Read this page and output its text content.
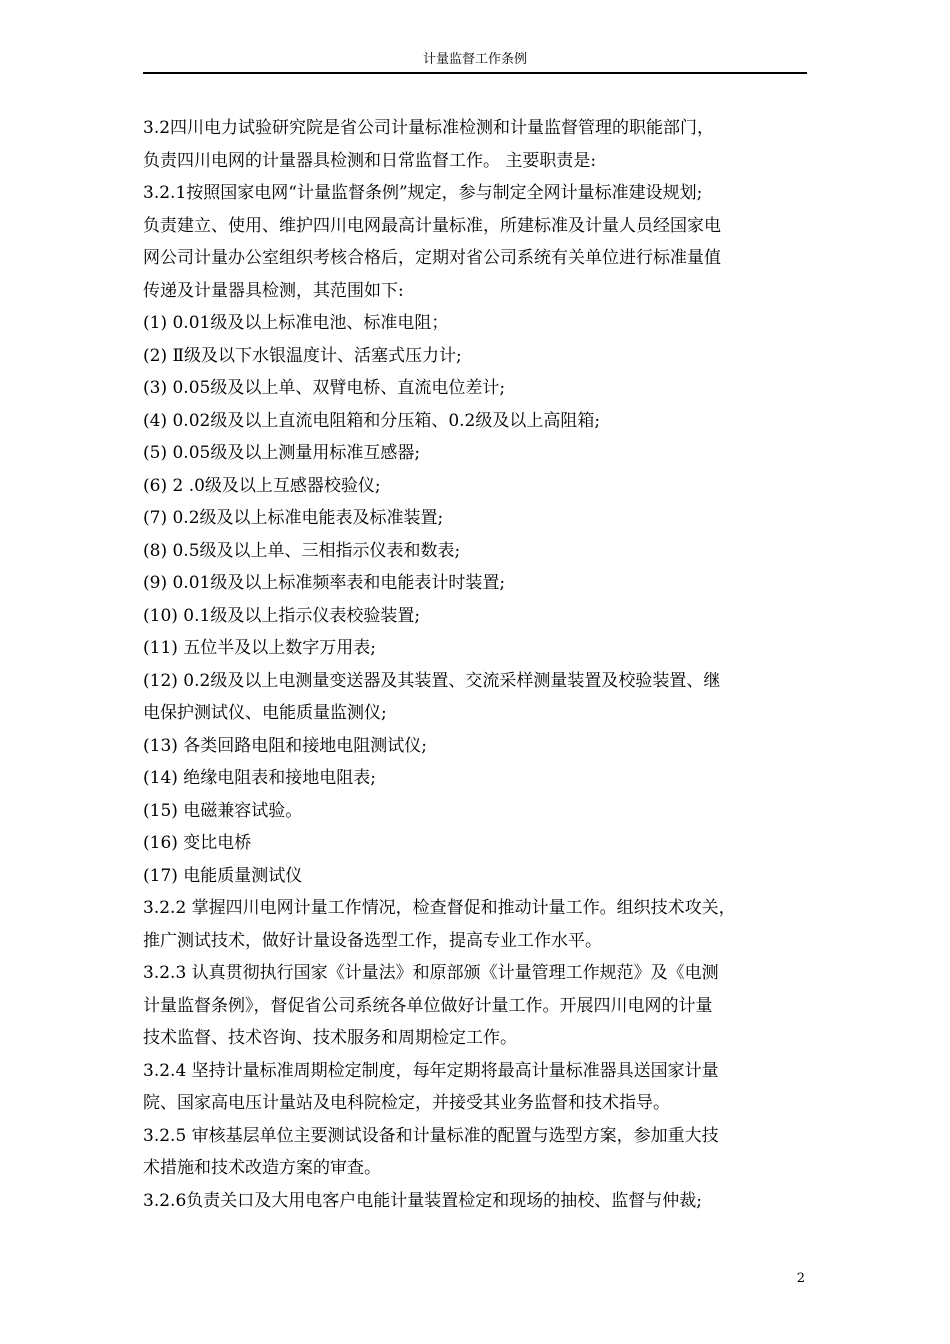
计量监督工作条例
3.2四川电力试验研究院是省公司计量标准检测和计量监督管理的职能部门，
负责四川电网的计量器具检测和日常监督工作。 主要职责是:
3.2.1按照国家电网“计量监督条例”规定，参与制定全网计量标准建设规划;
负责建立、使用、维护四川电网最高计量标准，所建标准及计量人员经国家电
网公司计量办公室组织考核合格后，定期对省公司系统有关单位进行标准量值
传递及计量器具检测，其范围如下:
(1) 0.01级及以上标准电池、标准电阻；
(2) Ⅱ级及以下水银温度计、活塞式压力计;
(3) 0.05级及以上单、双臂电桥、直流电位差计;
(4) 0.02级及以上直流电阻箱和分压箱、0.2级及以上高阻箱;
(5) 0.05级及以上测量用标准互感器;
(6) 2 .0级及以上互感器校验仪;
(7) 0.2级及以上标准电能表及标准装置;
(8) 0.5级及以上单、三相指示仪表和数表;
(9) 0.01级及以上标准频率表和电能表计时装置;
(10) 0.1级及以上指示仪表校验装置;
(11) 五位半及以上数字万用表;
(12) 0.2级及以上电测量变送器及其装置、交流采样测量装置及校验装置、继
电保护测试仪、电能质量监测仪;
(13) 各类回路电阻和接地电阻测试仪;
(14) 绝缘电阻表和接地电阻表;
(15) 电磁兼容试验。
(16) 变比电桥
(17) 电能质量测试仪
3.2.2 掌握四川电网计量工作情况，检查督促和推动计量工作。组织技术攻关，
推广测试技术，做好计量设备选型工作，提高专业工作水平。
3.2.3 认真贯彻执行国家《计量法》和原部颁《计量管理工作规范》及《电测
计量监督条例》，督促省公司系统各单位做好计量工作。开展四川电网的计量
技术监督、技术咨询、技术服务和周期检定工作。
3.2.4 坚持计量标准周期检定制度，每年定期将最高计量标准器具送国家计量
院、国家高电压计量站及电科院检定，并接受其业务监督和技术指导。
3.2.5 审核基层单位主要测试设备和计量标准的配置与选型方案，参加重大技
术措施和技术改造方案的审查。
3.2.6负责关口及大用电客户电能计量装置检定和现场的抽校、监督与仲裁;
2
